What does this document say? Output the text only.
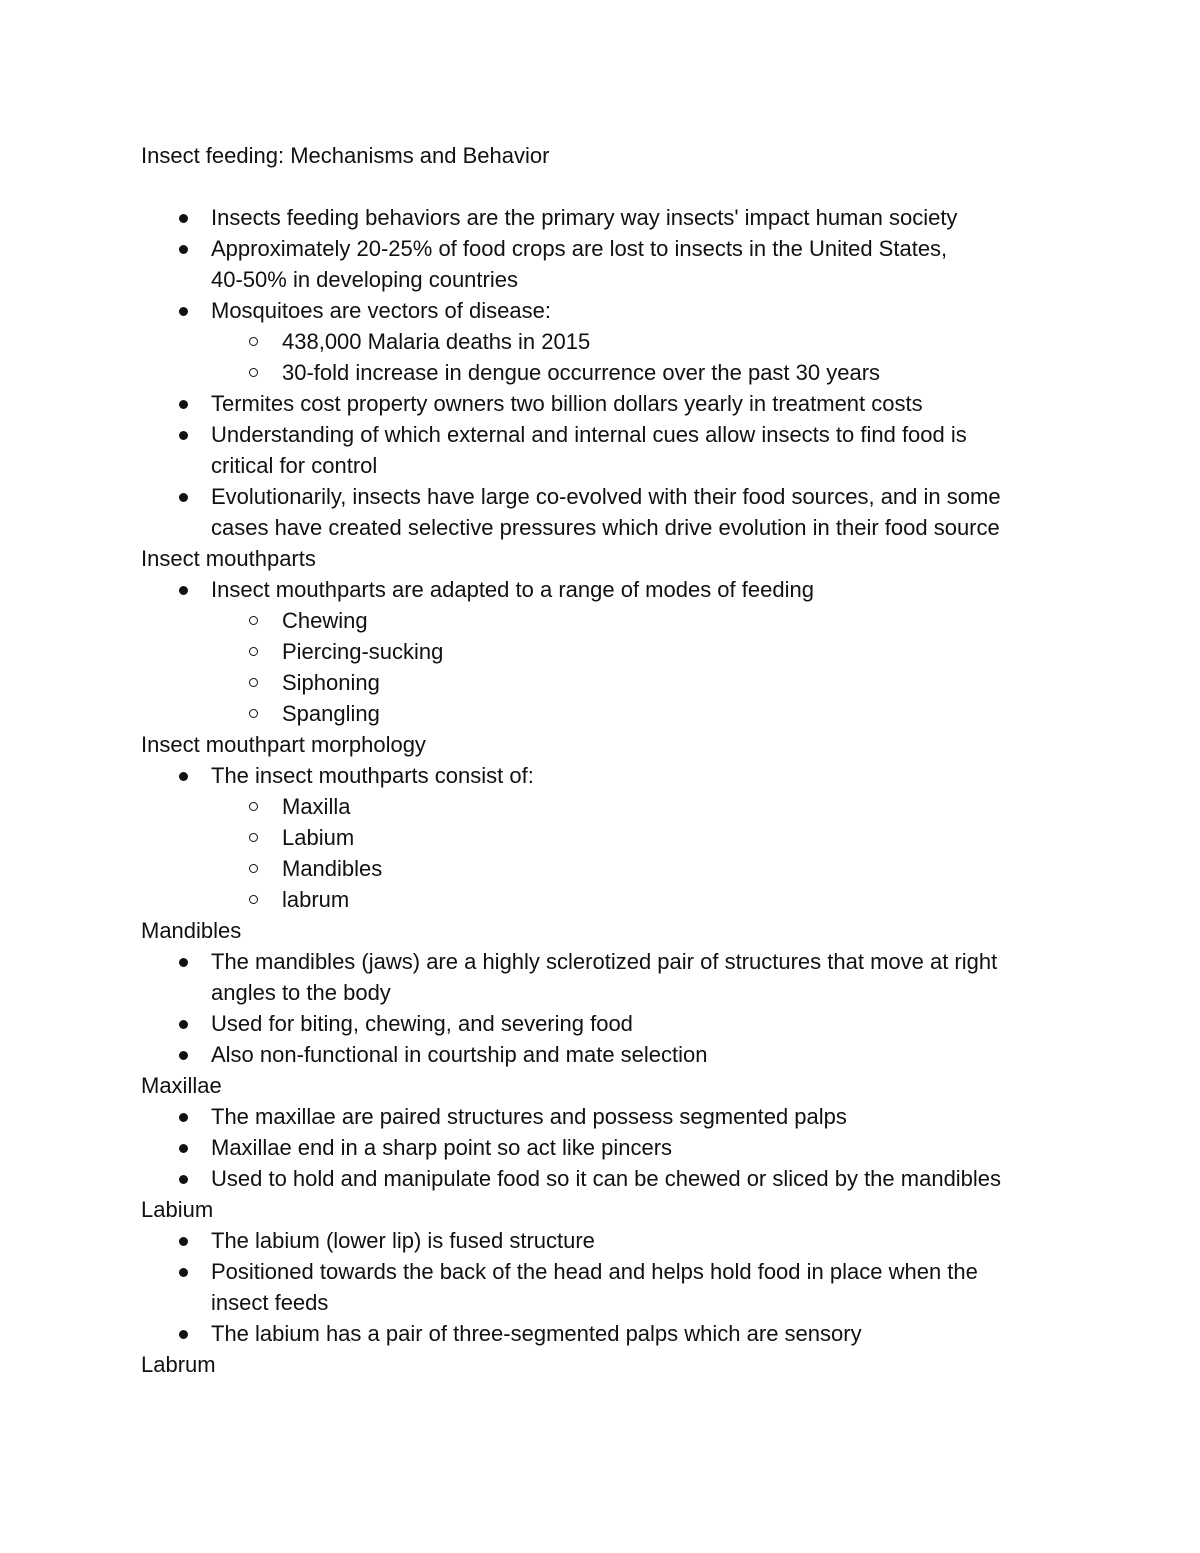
Insect feeding: Mechanisms and Behavior
Insects feeding behaviors are the primary way insects' impact human society
Approximately 20-25% of food crops are lost to insects in the United States,
40-50% in developing countries
Mosquitoes are vectors of disease:
438,000 Malaria deaths in 2015
30-fold increase in dengue occurrence over the past 30 years
Termites cost property owners two billion dollars yearly in treatment costs
Understanding of which external and internal cues allow insects to find food is
critical for control
Evolutionarily, insects have large co-evolved with their food sources, and in some
cases have created selective pressures which drive evolution in their food source
Insect mouthparts
Insect mouthparts are adapted to a range of modes of feeding
Chewing
Piercing-sucking
Siphoning
Spangling
Insect mouthpart morphology
The insect mouthparts consist of:
Maxilla
Labium
Mandibles
labrum
Mandibles
The mandibles (jaws) are a highly sclerotized pair of structures that move at right
angles to the body
Used for biting, chewing, and severing food
Also non-functional in courtship and mate selection
Maxillae
The maxillae are paired structures and possess segmented palps
Maxillae end in a sharp point so act like pincers
Used to hold and manipulate food so it can be chewed or sliced by the mandibles
Labium
The labium (lower lip) is fused structure
Positioned towards the back of the head and helps hold food in place when the
insect feeds
The labium has a pair of three-segmented palps which are sensory
Labrum
